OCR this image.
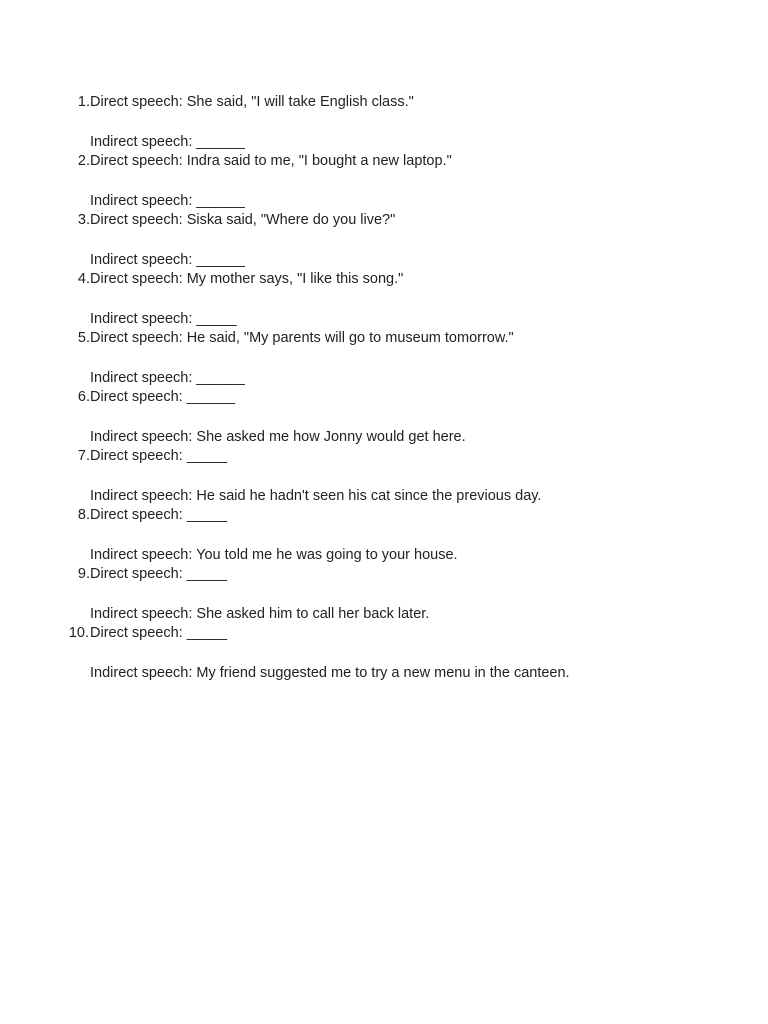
1. Direct speech: She said, "I will take English class."
Indirect speech: ______
2. Direct speech: Indra said to me, "I bought a new laptop."
Indirect speech: ______
3. Direct speech: Siska said, "Where do you live?"
Indirect speech: ______
4. Direct speech: My mother says, "I like this song."
Indirect speech: _____
5. Direct speech: He said, "My parents will go to museum tomorrow."
Indirect speech: ______
6. Direct speech: ______
Indirect speech: She asked me how Jonny would get here.
7. Direct speech: _____
Indirect speech: He said he hadn't seen his cat since the previous day.
8. Direct speech: _____
Indirect speech: You told me he was going to your house.
9. Direct speech: _____
Indirect speech: She asked him to call her back later.
10. Direct speech: _____
Indirect speech: My friend suggested me to try a new menu in the canteen.
